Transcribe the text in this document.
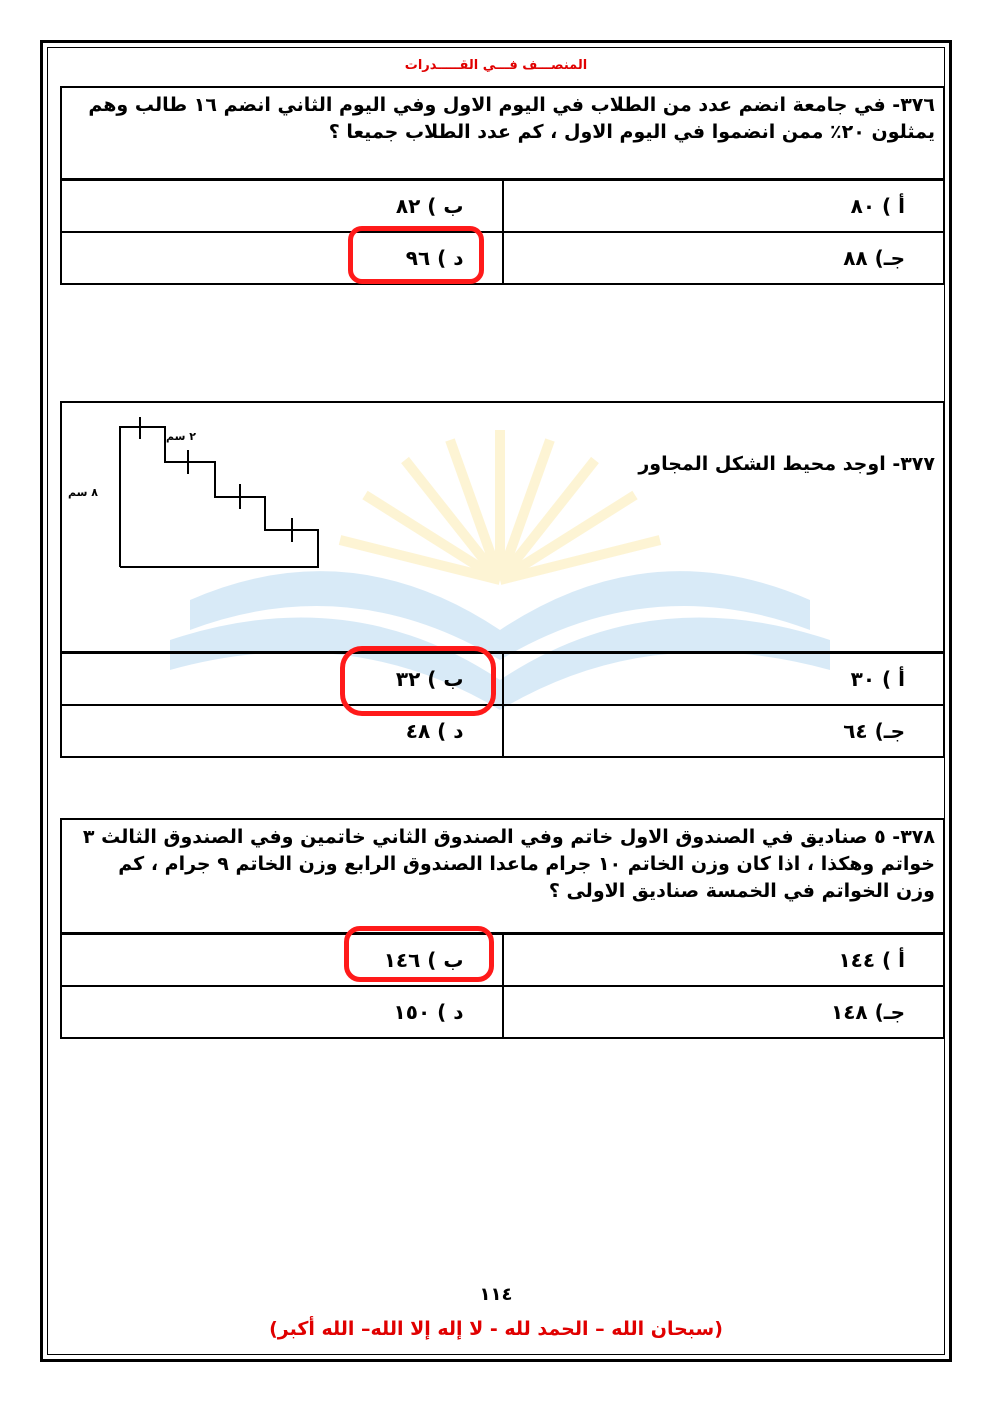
المنصـــف فـــي القـــــدرات
٣٧٦- في جامعة انضم عدد من الطلاب في اليوم الاول وفي اليوم الثاني انضم ١٦ طالب وهم يمثلون ٢٠٪ ممن انضموا في اليوم الاول ، كم عدد الطلاب جميعا ؟
أ ) ٨٠	ب ) ٨٢
جـ) ٨٨	د ) ٩٦
٣٧٧- اوجد محيط الشكل المجاور
٢ سم
٨ سم
أ ) ٣٠	ب ) ٣٢
جـ) ٦٤	د ) ٤٨
٣٧٨- ٥ صناديق في الصندوق الاول خاتم وفي الصندوق الثاني خاتمين وفي الصندوق الثالث ٣ خواتم وهكذا ، اذا كان وزن الخاتم ١٠ جرام ماعدا الصندوق الرابع وزن الخاتم ٩ جرام ، كم وزن الخواتم في الخمسة صناديق الاولى ؟
أ ) ١٤٤	ب ) ١٤٦
جـ) ١٤٨	د ) ١٥٠
١١٤
(سبحان الله – الحمد لله - لا إله إلا الله– الله أكبر)
